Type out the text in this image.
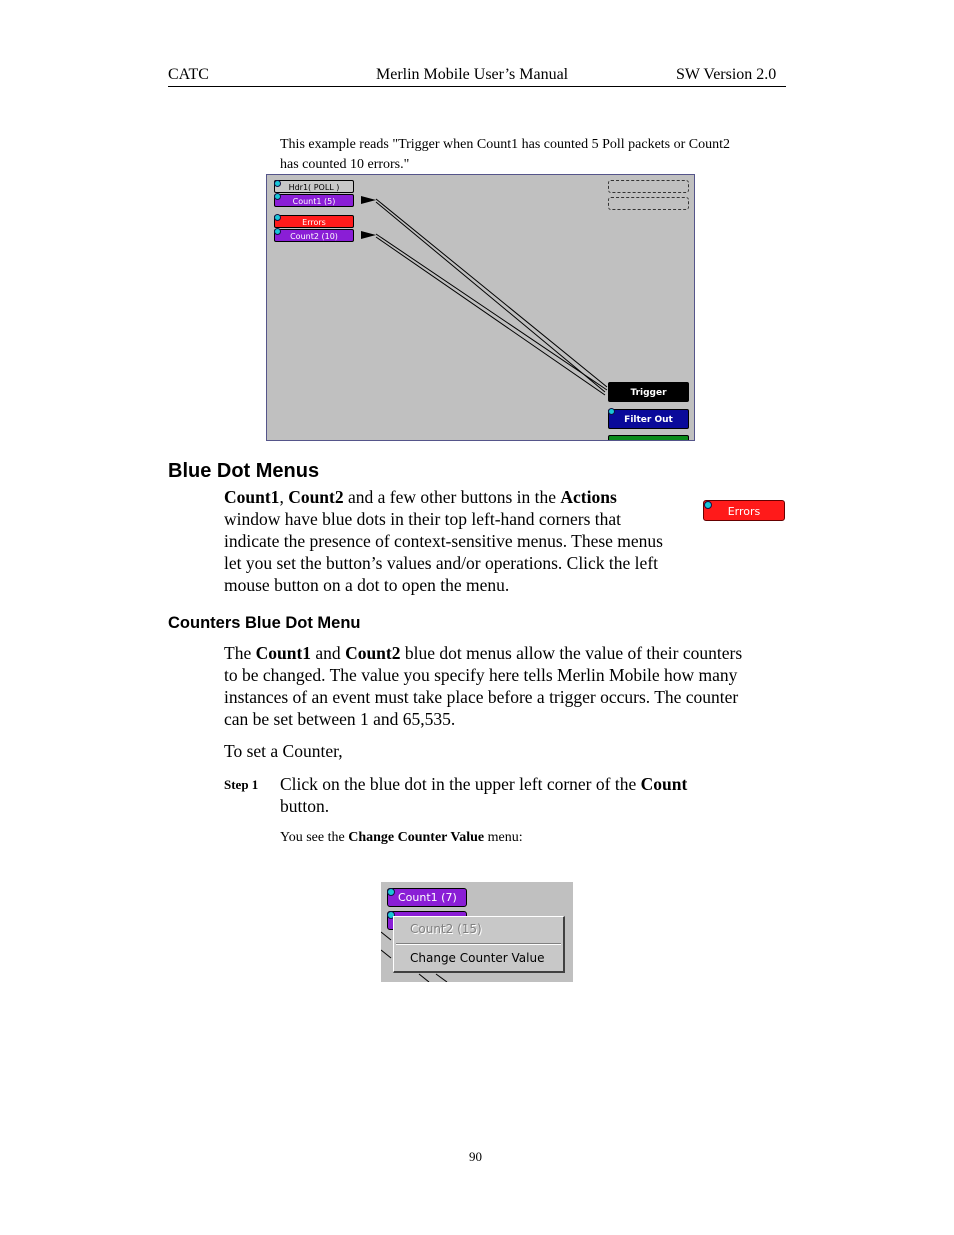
CATC	Merlin Mobile User’s Manual	SW Version 2.0
This example reads "Trigger when Count1 has counted 5 Poll packets or Count2
has counted 10 errors."
Hdr1( POLL )
Count1 (5)
Errors
Count2 (10)
Trigger
Filter Out
Blue Dot Menus
Count1, Count2 and a few other buttons in the Actions
window have blue dots in their top left-hand corners that
indicate the presence of context-sensitive menus. These menus
let you set the button’s values and/or operations. Click the left
mouse button on a dot to open the menu.
Errors
Counters Blue Dot Menu
The Count1 and Count2 blue dot menus allow the value of their counters
to be changed. The value you specify here tells Merlin Mobile how many
instances of an event must take place before a trigger occurs. The counter
can be set between 1 and 65,535.
To set a Counter,
Step 1 Click on the blue dot in the upper left corner of the Count
button.
You see the Change Counter Value menu:
Count1 (7)
Count2 (15)
Change Counter Value
90
